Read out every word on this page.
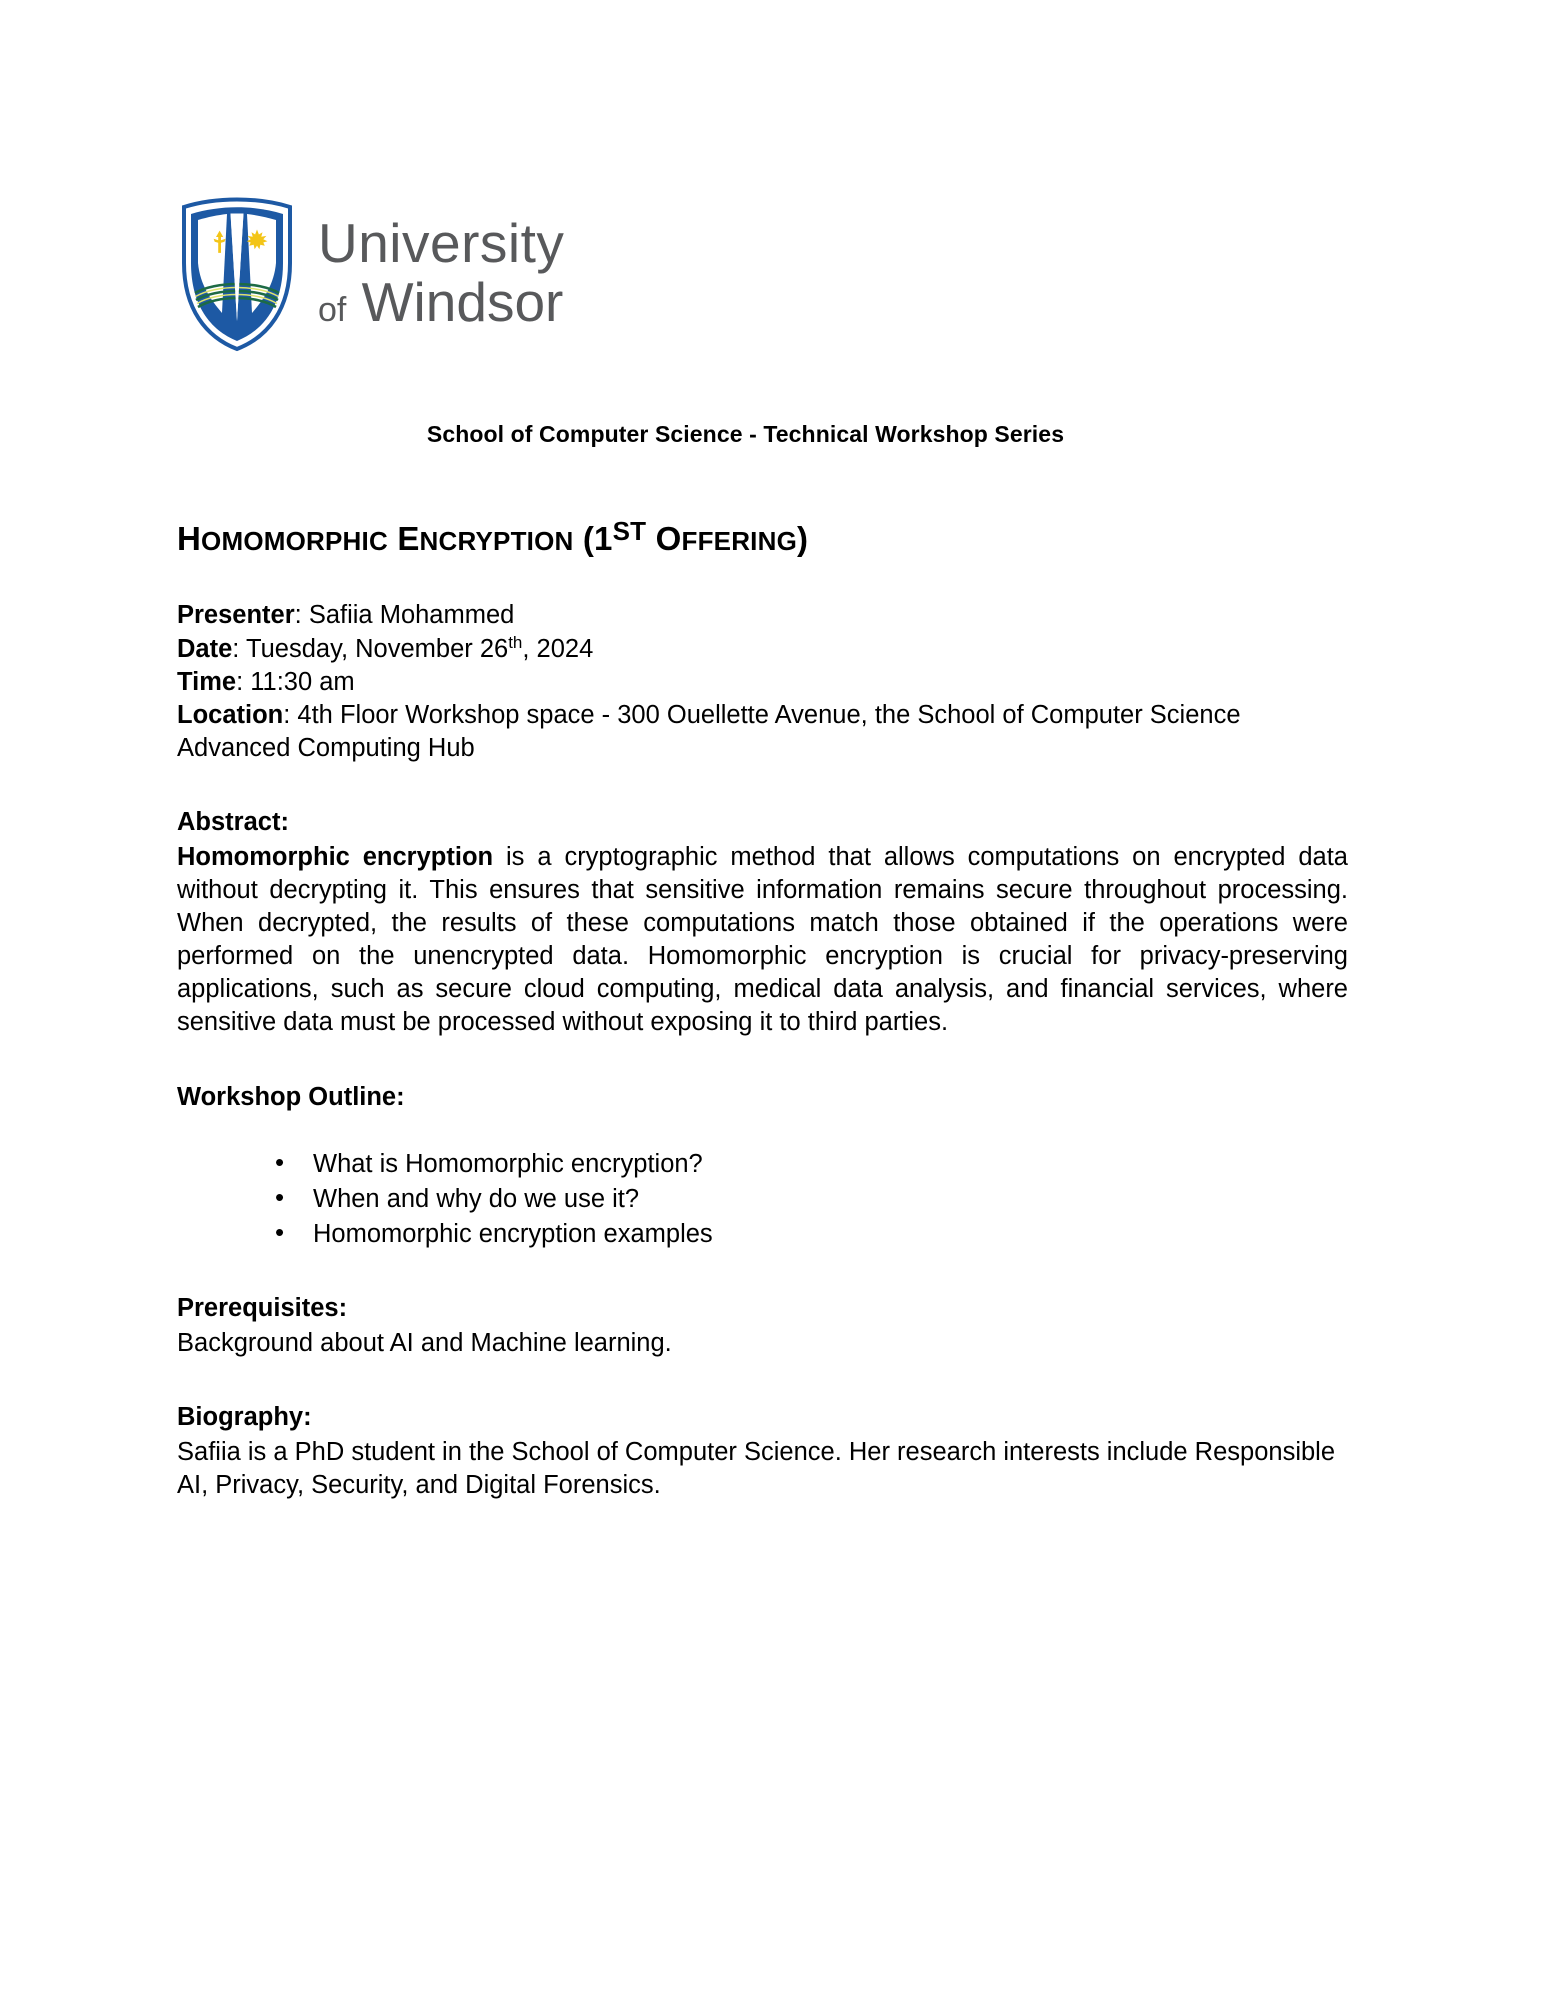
University
of Windsor
School of Computer Science - Technical Workshop Series
HOMOMORPHIC ENCRYPTION (1ST OFFERING)
Presenter: Safiia Mohammed
Date: Tuesday, November 26th, 2024
Time: 11:30 am
Location: 4th Floor Workshop space - 300 Ouellette Avenue, the School of Computer Science Advanced Computing Hub
Abstract:
Homomorphic encryption is a cryptographic method that allows computations on encrypted data without decrypting it. This ensures that sensitive information remains secure throughout processing. When decrypted, the results of these computations match those obtained if the operations were performed on the unencrypted data. Homomorphic encryption is crucial for privacy-preserving applications, such as secure cloud computing, medical data analysis, and financial services, where sensitive data must be processed without exposing it to third parties.
Workshop Outline:
• What is Homomorphic encryption?
• When and why do we use it?
• Homomorphic encryption examples
Prerequisites:
Background about AI and Machine learning.
Biography:
Safiia is a PhD student in the School of Computer Science. Her research interests include Responsible AI, Privacy, Security, and Digital Forensics.
